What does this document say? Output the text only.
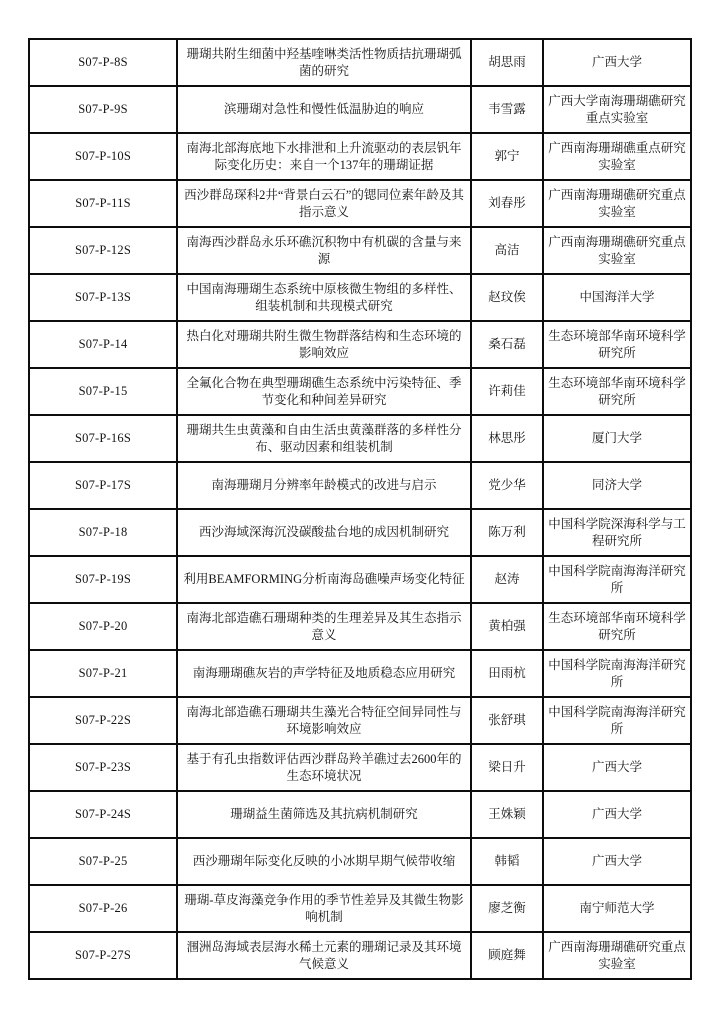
S07-P-8S	珊瑚共附生细菌中羟基喹啉类活性物质拮抗珊瑚弧菌的研究	胡思雨	广西大学
S07-P-9S	滨珊瑚对急性和慢性低温胁迫的响应	韦雪露	广西大学南海珊瑚礁研究重点实验室
S07-P-10S	南海北部海底地下水排泄和上升流驱动的表层钒年际变化历史：来自一个137年的珊瑚证据	郭宁	广西南海珊瑚礁重点研究实验室
S07-P-11S	西沙群岛琛科2井“背景白云石”的锶同位素年龄及其指示意义	刘春彤	广西南海珊瑚礁研究重点实验室
S07-P-12S	南海西沙群岛永乐环礁沉积物中有机碳的含量与来源	高洁	广西南海珊瑚礁研究重点实验室
S07-P-13S	中国南海珊瑚生态系统中原核微生物组的多样性、组装机制和共现模式研究	赵玟俟	中国海洋大学
S07-P-14	热白化对珊瑚共附生微生物群落结构和生态环境的影响效应	桑石磊	生态环境部华南环境科学研究所
S07-P-15	全氟化合物在典型珊瑚礁生态系统中污染特征、季节变化和种间差异研究	许莉佳	生态环境部华南环境科学研究所
S07-P-16S	珊瑚共生虫黄藻和自由生活虫黄藻群落的多样性分布、驱动因素和组装机制	林思彤	厦门大学
S07-P-17S	南海珊瑚月分辨率年龄模式的改进与启示	党少华	同济大学
S07-P-18	西沙海域深海沉没碳酸盐台地的成因机制研究	陈万利	中国科学院深海科学与工程研究所
S07-P-19S	利用BEAMFORMING分析南海岛礁噪声场变化特征	赵涛	中国科学院南海海洋研究所
S07-P-20	南海北部造礁石珊瑚种类的生理差异及其生态指示意义	黄柏强	生态环境部华南环境科学研究所
S07-P-21	南海珊瑚礁灰岩的声学特征及地质稳态应用研究	田雨杭	中国科学院南海海洋研究所
S07-P-22S	南海北部造礁石珊瑚共生藻光合特征空间异同性与环境影响效应	张舒琪	中国科学院南海海洋研究所
S07-P-23S	基于有孔虫指数评估西沙群岛羚羊礁过去2600年的生态环境状况	梁日升	广西大学
S07-P-24S	珊瑚益生菌筛选及其抗病机制研究	王姝颖	广西大学
S07-P-25	西沙珊瑚年际变化反映的小冰期早期气候带收缩	韩韬	广西大学
S07-P-26	珊瑚-草皮海藻竞争作用的季节性差异及其微生物影响机制	廖芝衡	南宁师范大学
S07-P-27S	涠洲岛海域表层海水稀土元素的珊瑚记录及其环境气候意义	顾庭舞	广西南海珊瑚礁研究重点实验室
